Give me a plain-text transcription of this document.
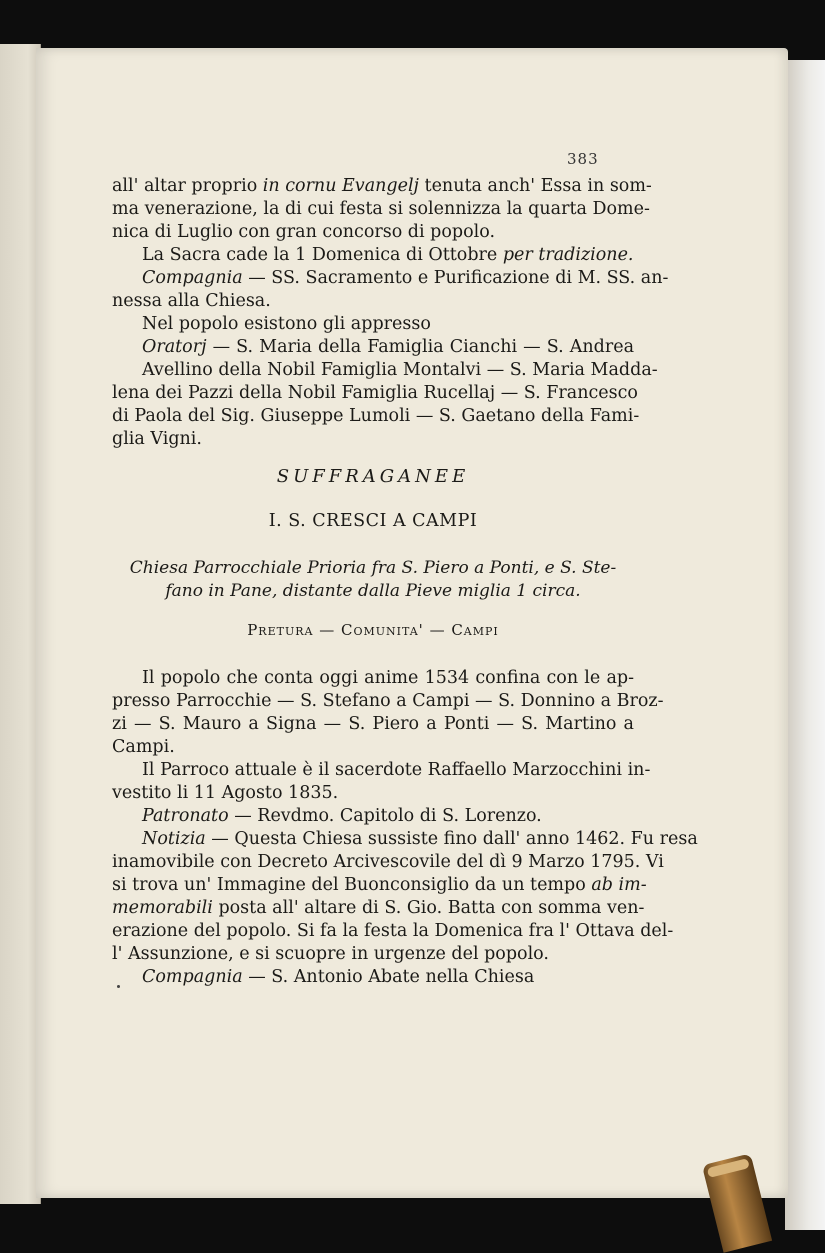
383
all' altar proprio in cornu Evangelj tenuta anch' Essa in som-
ma venerazione, la di cui festa si solennizza la quarta Dome-
nica di Luglio con gran concorso di popolo.
La Sacra cade la 1 Domenica di Ottobre per tradizione.
Compagnia — SS. Sacramento e Purificazione di M. SS. an-
nessa alla Chiesa.
Nel popolo esistono gli appresso
Oratorj — S. Maria della Famiglia Cianchi — S. Andrea
Avellino della Nobil Famiglia Montalvi — S. Maria Madda-
lena dei Pazzi della Nobil Famiglia Rucellaj — S. Francesco
di Paola del Sig. Giuseppe Lumoli — S. Gaetano della Fami-
glia Vigni.
SUFFRAGANEE
I. S. CRESCI A CAMPI
Chiesa Parrocchiale Prioria fra S. Piero a Ponti, e S. Ste-
fano in Pane, distante dalla Pieve miglia 1 circa.
Pretura — Comunita' — Campi
Il popolo che conta oggi anime 1534 confina con le ap-
presso Parrocchie — S. Stefano a Campi — S. Donnino a Broz-
zi — S. Mauro a Signa — S. Piero a Ponti — S. Martino a
Campi.
Il Parroco attuale è il sacerdote Raffaello Marzocchini in-
vestito li 11 Agosto 1835.
Patronato — Revdmo. Capitolo di S. Lorenzo.
Notizia — Questa Chiesa sussiste fino dall' anno 1462. Fu resa
inamovibile con Decreto Arcivescovile del dì 9 Marzo 1795. Vi
si trova un' Immagine del Buonconsiglio da un tempo ab im-
memorabili posta all' altare di S. Gio. Batta con somma ven-
erazione del popolo. Si fa la festa la Domenica fra l' Ottava del-
l' Assunzione, e si scuopre in urgenze del popolo.
Compagnia — S. Antonio Abate nella Chiesa
